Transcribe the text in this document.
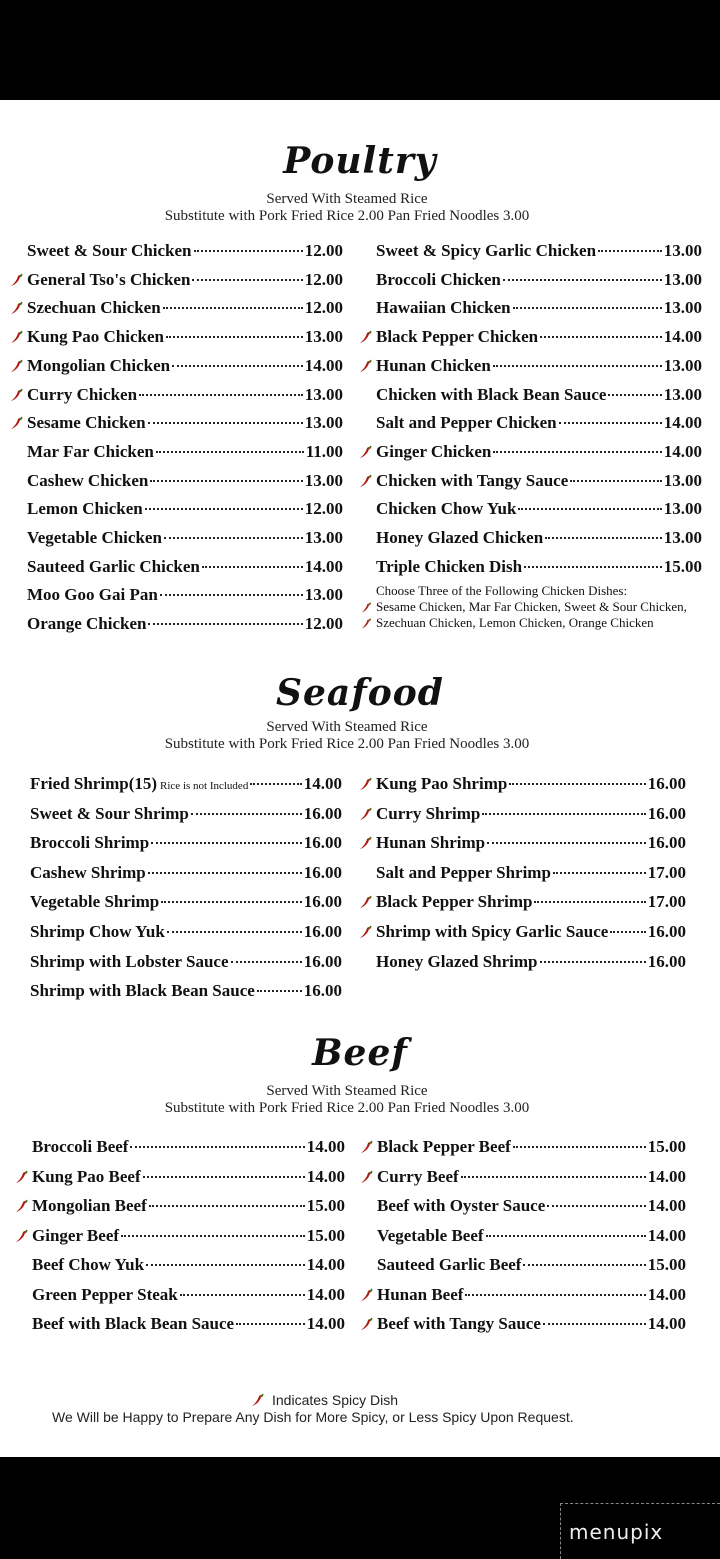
Poultry
Served With Steamed Rice
Substitute with Pork Fried Rice 2.00 Pan Fried Noodles 3.00
Sweet & Sour Chicken	12.00
General Tso's Chicken	12.00
Szechuan Chicken	12.00
Kung Pao Chicken	13.00
Mongolian Chicken	14.00
Curry Chicken	13.00
Sesame Chicken	13.00
Mar Far Chicken	11.00
Cashew Chicken	13.00
Lemon Chicken	12.00
Vegetable Chicken	13.00
Sauteed Garlic Chicken	14.00
Moo Goo Gai Pan	13.00
Orange Chicken	12.00
Sweet & Spicy Garlic Chicken	13.00
Broccoli Chicken	13.00
Hawaiian Chicken	13.00
Black Pepper Chicken	14.00
Hunan Chicken	13.00
Chicken with Black Bean Sauce	13.00
Salt and Pepper Chicken	14.00
Ginger Chicken	14.00
Chicken with Tangy Sauce	13.00
Chicken Chow Yuk	13.00
Honey Glazed Chicken	13.00
Triple Chicken Dish	15.00
Choose Three of the Following Chicken Dishes:
Sesame Chicken, Mar Far Chicken, Sweet & Sour Chicken,
Szechuan Chicken, Lemon Chicken, Orange Chicken
Seafood
Served With Steamed Rice
Substitute with Pork Fried Rice 2.00 Pan Fried Noodles 3.00
Fried Shrimp(15) Rice is not Included	14.00
Sweet & Sour Shrimp	16.00
Broccoli Shrimp	16.00
Cashew Shrimp	16.00
Vegetable Shrimp	16.00
Shrimp Chow Yuk	16.00
Shrimp with Lobster Sauce	16.00
Shrimp with Black Bean Sauce	16.00
Kung Pao Shrimp	16.00
Curry Shrimp	16.00
Hunan Shrimp	16.00
Salt and Pepper Shrimp	17.00
Black Pepper Shrimp	17.00
Shrimp with Spicy Garlic Sauce 16.00
Honey Glazed Shrimp	16.00
Beef
Served With Steamed Rice
Substitute with Pork Fried Rice 2.00 Pan Fried Noodles 3.00
Broccoli Beef	14.00
Kung Pao Beef	14.00
Mongolian Beef	15.00
Ginger Beef	15.00
Beef Chow Yuk	14.00
Green Pepper Steak	14.00
Beef with Black Bean Sauce	14.00
Black Pepper Beef	15.00
Curry Beef	14.00
Beef with Oyster Sauce	14.00
Vegetable Beef	14.00
Sauteed Garlic Beef	15.00
Hunan Beef	14.00
Beef with Tangy Sauce	14.00
Indicates Spicy Dish
We Will be Happy to Prepare Any Dish for More Spicy, or Less Spicy Upon Request.
menupix
